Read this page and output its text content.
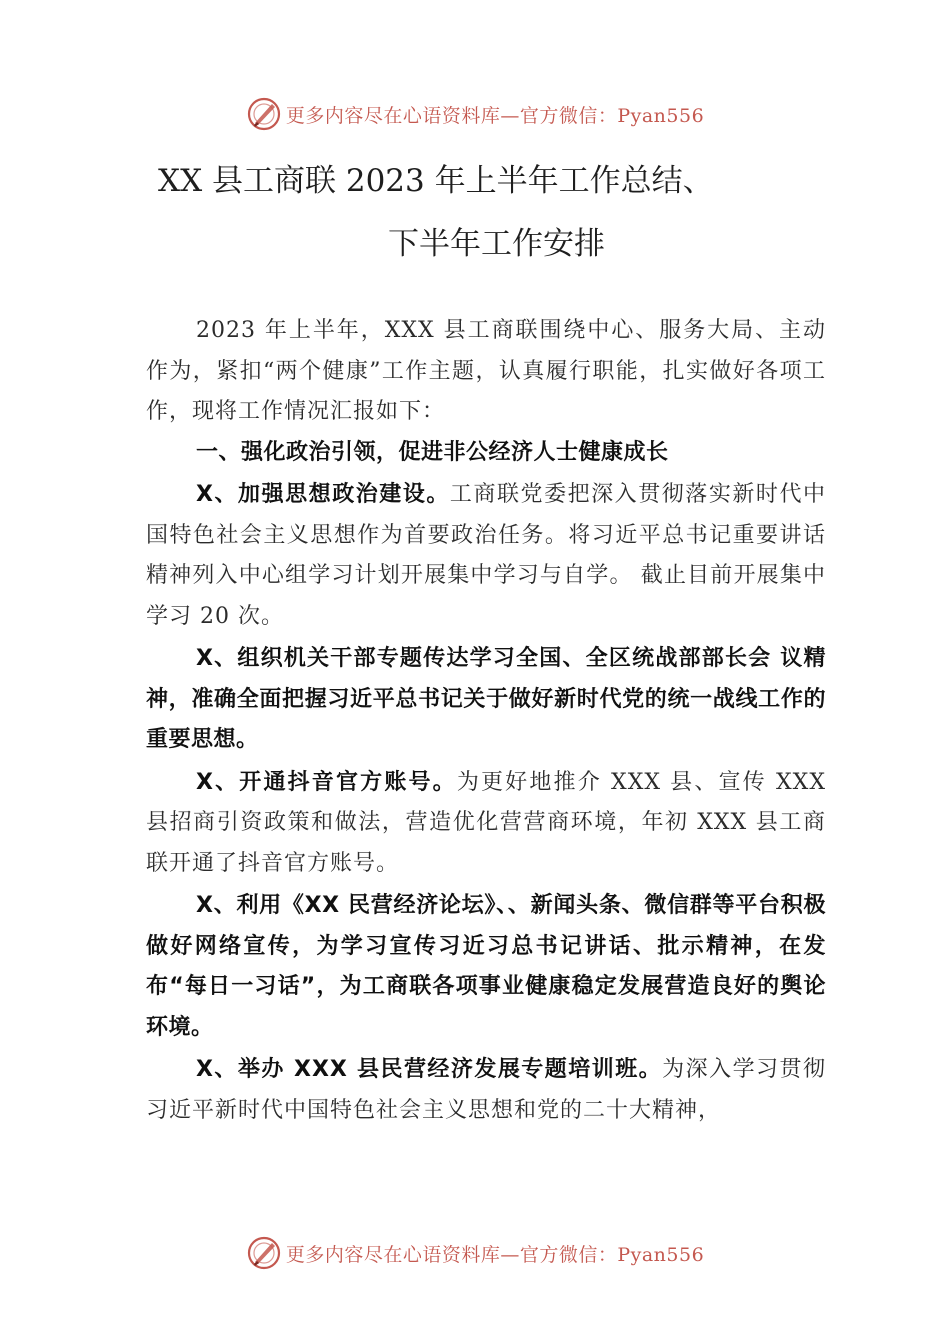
更多内容尽在心语资料库—官方微信：Pyan556
XX 县工商联 2023 年上半年工作总结、
下半年工作安排

2023 年上半年，XXX 县工商联围绕中心、服务大局、主动作为，紧扣“两个健康”工作主题，认真履行职能，扎实做好各项工作，现将工作情况汇报如下：

一、强化政治引领，促进非公经济人士健康成长

X、加强思想政治建设。工商联党委把深入贯彻落实新时代中国特色社会主义思想作为首要政治任务。将习近平总书记重要讲话精神列入中心组学习计划开展集中学习与自学。 截止目前开展集中学习 20 次。

X、组织机关干部专题传达学习全国、全区统战部部长会 议精神，准确全面把握习近平总书记关于做好新时代党的统一战线工作的重要思想。

X、开通抖音官方账号。为更好地推介 XXX 县、宣传 XXX 县招商引资政策和做法，营造优化营营商环境，年初 XXX 县工商联开通了抖音官方账号。

X、利用《XX 民营经济论坛》、、新闻头条、微信群等平台积极做好网络宣传，为学习宣传习近习总书记讲话、批示精神，在发布“每日一习话”，为工商联各项事业健康稳定发展营造良好的舆论环境。

X、举办 XXX 县民营经济发展专题培训班。为深入学习贯彻习近平新时代中国特色社会主义思想和党的二十大精神，

更多内容尽在心语资料库—官方微信：Pyan556
